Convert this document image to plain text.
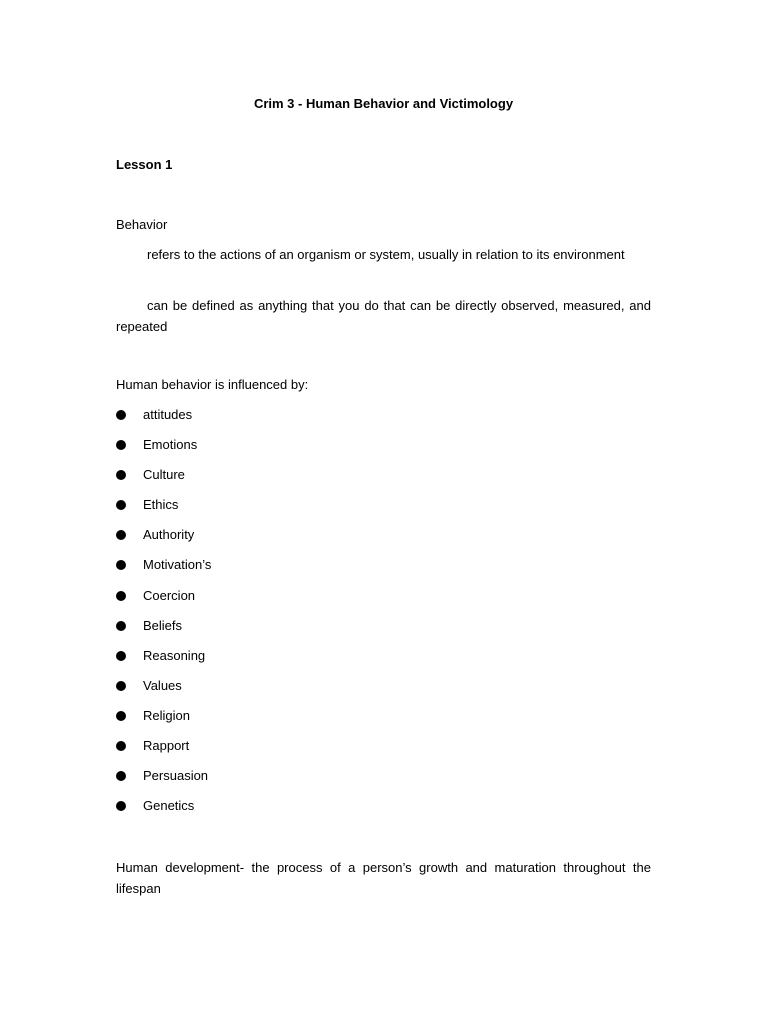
Crim 3 - Human Behavior and Victimology
Lesson 1
Behavior
refers to the actions of an organism or system, usually in relation to its environment
can be defined as anything that you do that can be directly observed, measured, and repeated
Human behavior is influenced by:
attitudes
Emotions
Culture
Ethics
Authority
Motivation’s
Coercion
Beliefs
Reasoning
Values
Religion
Rapport
Persuasion
Genetics
Human development- the process of a person’s growth and maturation throughout the lifespan
